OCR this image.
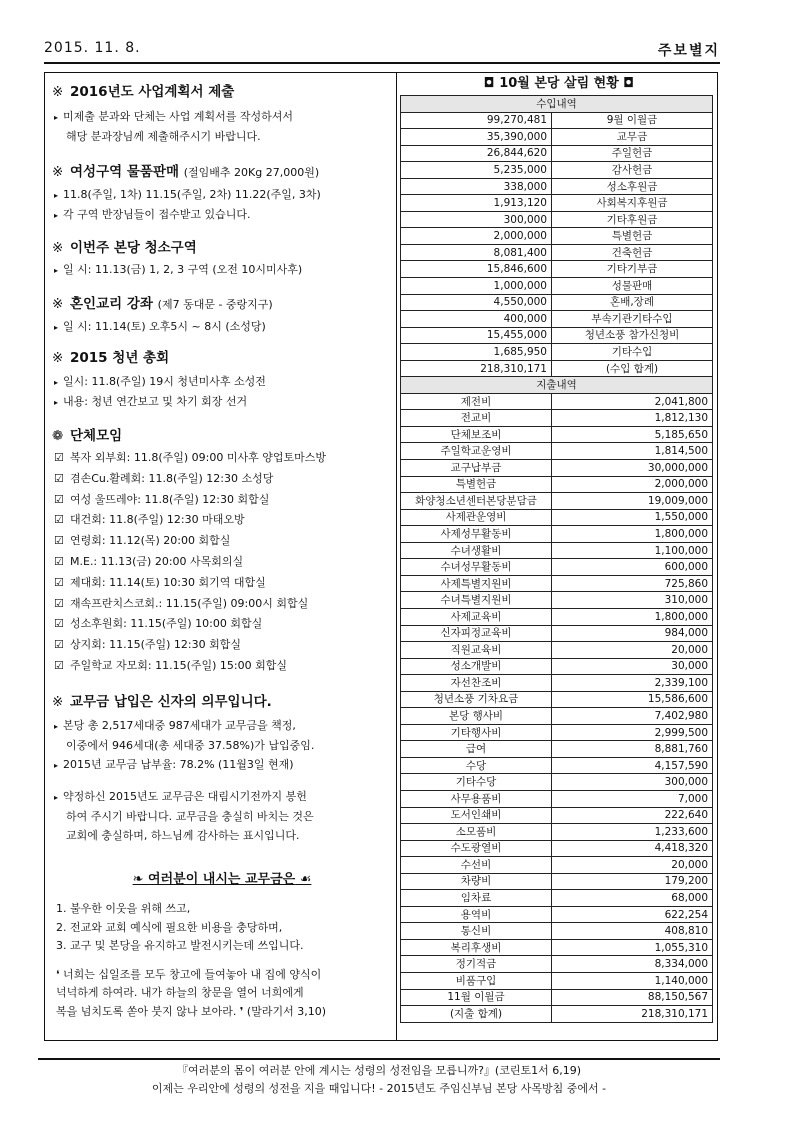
2015. 11. 8.	주보별지
※ 2016년도 사업계획서 제출
▸ 미제출 분과와 단체는 사업 계획서를 작성하셔서
해당 분과장님께 제출해주시기 바랍니다.
※ 여성구역 물품판매 (절임배추 20Kg 27,000원)
▸ 11.8(주일, 1차) 11.15(주일, 2차) 11.22(주일, 3차)
▸ 각 구역 반장님들이 접수받고 있습니다.
※ 이번주 본당 청소구역
▸ 일 시: 11.13(금) 1, 2, 3 구역 (오전 10시미사후)
※ 혼인교리 강좌 (제7 동대문 - 중랑지구)
▸ 일 시: 11.14(토) 오후5시 ~ 8시 (소성당)
※ 2015 청년 총회
▸ 일시: 11.8(주일) 19시 청년미사후 소성전
▸ 내용: 청년 연간보고 및 차기 회장 선거
❁ 단체모임
☑ 복자 외부회: 11.8(주일) 09:00 미사후 양업토마스방
☑ 겸손Cu.활례회: 11.8(주일) 12:30 소성당
☑ 여성 울뜨레야: 11.8(주일) 12:30 회합실
☑ 대건회: 11.8(주일) 12:30 마태오방
☑ 연령회: 11.12(목) 20:00 회합실
☑ M.E.: 11.13(금) 20:00 사목회의실
☑ 제대회: 11.14(토) 10:30 회기역 대합실
☑ 재속프란치스코회.: 11.15(주일) 09:00시 회합실
☑ 성소후원회: 11.15(주일) 10:00 회합실
☑ 상지회: 11.15(주일) 12:30 회합실
☑ 주일학교 자모회: 11.15(주일) 15:00 회합실
※ 교무금 납입은 신자의 의무입니다.
▸ 본당 총 2,517세대중 987세대가 교무금을 책정,
이중에서 946세대(총 세대중 37.58%)가 납입중임.
▸ 2015년 교무금 납부율: 78.2% (11월3일 현재)
▸ 약정하신 2015년도 교무금은 대림시기전까지 봉헌
하여 주시기 바랍니다. 교무금을 충실히 바치는 것은
교회에 충실하며, 하느님께 감사하는 표시입니다.
❧ 여러분이 내시는 교무금은 ☙
1. 불우한 이웃을 위해 쓰고,
2. 전교와 교회 예식에 필요한 비용을 충당하며,
3. 교구 및 본당을 유지하고 발전시키는데 쓰입니다.
❛ 너희는 십일조를 모두 창고에 들여놓아 내 집에 양식이
넉넉하게 하여라. 내가 하늘의 창문을 열어 너희에게
복을 넘치도록 쏟아 붓지 않나 보아라. ❜ (말라기서 3,10)
◘ 10월 본당 살림 현황 ◘
수입내역	
99,270,481	9월 이월금
35,390,000	교무금
26,844,620	주일헌금
5,235,000	감사헌금
338,000	성소후원금
1,913,120	사회복지후원금
300,000	기타후원금
2,000,000	특별헌금
8,081,400	건축헌금
15,846,600	기타기부금
1,000,000	성물판매
4,550,000	혼배,장례
400,000	부속기관기타수입
15,455,000	청년소풍 참가신청비
1,685,950	기타수입
218,310,171	(수입 합계)
지출내역	
제전비	2,041,800
전교비	1,812,130
단체보조비	5,185,650
주일학교운영비	1,814,500
교구납부금	30,000,000
특별헌금	2,000,000
화양청소년센터본당분담금	19,009,000
사제관운영비	1,550,000
사제성무활동비	1,800,000
수녀생활비	1,100,000
수녀성무활동비	600,000
사제특별지원비	725,860
수녀특별지원비	310,000
사제교육비	1,800,000
신자피정교육비	984,000
직원교육비	20,000
성소개발비	30,000
자선찬조비	2,339,100
청년소풍 기차요금	15,586,600
본당 행사비	7,402,980
기타행사비	2,999,500
급여	8,881,760
수당	4,157,590
기타수당	300,000
사무용품비	7,000
도서인쇄비	222,640
소모품비	1,233,600
수도광열비	4,418,320
수선비	20,000
차량비	179,200
임차료	68,000
용역비	622,254
통신비	408,810
복리후생비	1,055,310
정기적금	8,334,000
비품구입	1,140,000
11월 이월금	88,150,567
(지출 합계)	218,310,171
『여러분의 몸이 여러분 안에 계시는 성령의 성전임을 모릅니까?』(코린토1서 6,19)
이제는 우리안에 성령의 성전을 지을 때입니다! - 2015년도 주임신부님 본당 사목방침 중에서 -
